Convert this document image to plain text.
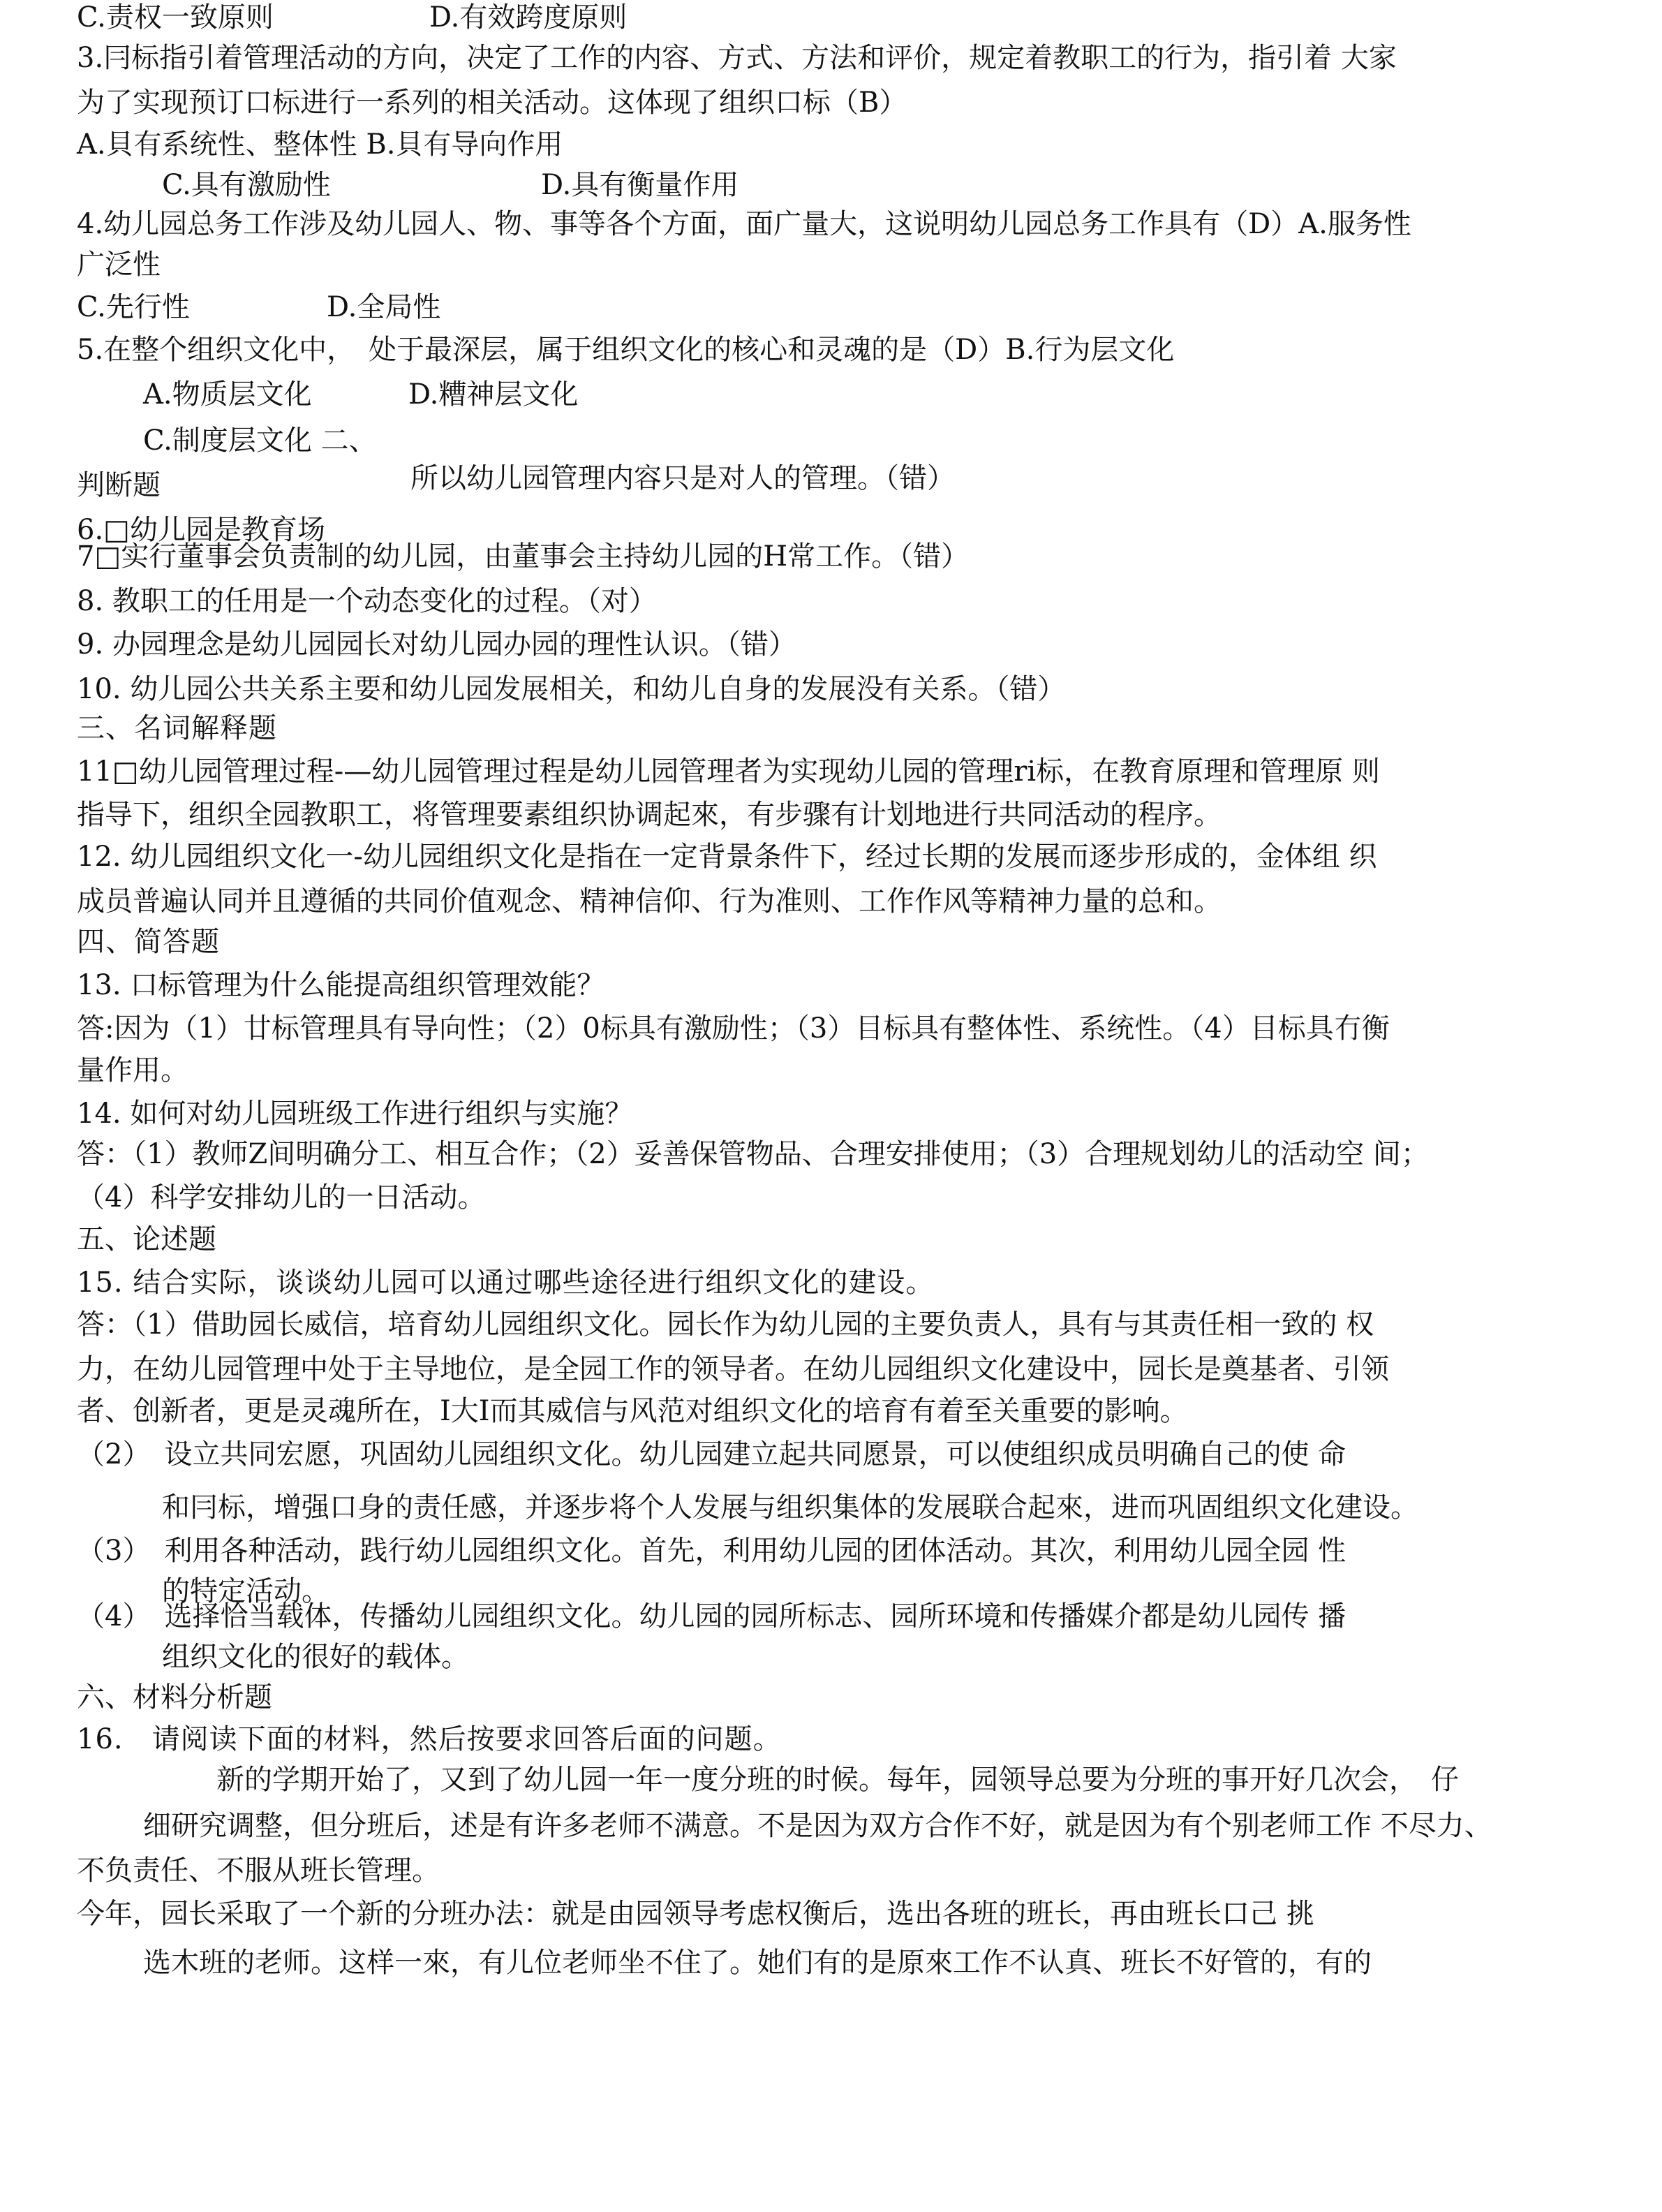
C.责权一致原则	D.有效跨度原则
3.冃标指引着管理活动的方向，决定了工作的内容、方式、方法和评价，规定着教职工的行为，指引着 大家
为了实现预订口标进行一系列的相关活动。这体现了组织口标（B）
A.貝有系统性、整体性 B.貝有导向作用
C.具有激励性	D.具有衡量作用
4.幼儿园总务工作涉及幼儿园人、物、事等各个方面，面广量大，这说明幼儿园总务工作具有（D）A.服务性
广泛性
C.先行性	D.全局性
5.在整个组织文化中，　处于最深层，属于组织文化的核心和灵魂的是（D）B.行为层文化
A.物质层文化	D.糟神层文化
C.制度层文化 二、
判断题	所以幼儿园管理内容只是对人的管理。（错）
6.□幼儿园是教育场
7□实行董事会负责制的幼儿园，由董事会主持幼儿园的H常工作。（错）
8. 教职工的任用是一个动态变化的过程。（对）
9. 办园理念是幼儿园园长对幼儿园办园的理性认识。（错）
10. 幼儿园公共关系主要和幼儿园发展相关，和幼儿自身的发展没有关系。（错）
三、名词解释题
11□幼儿园管理过程-—幼儿园管理过程是幼儿园管理者为实现幼儿园的管理ri标，在教育原理和管理原 则
指导下，组织全园教职工，将管理要素组织协调起來，有步骤有计划地进行共同活动的程序。
12. 幼儿园组织文化一-幼儿园组织文化是指在一定背景条件下，经过长期的发展而逐步形成的，金体组 织
成员普遍认同并且遵循的共同价值观念、精神信仰、行为准则、工作作风等精神力量的总和。
四、简答题
13. 口标管理为什么能提高组织管理效能？
答:因为（1）廿标管理具有导向性；（2）0标具有激励性；（3）目标具有整体性、系统性。（4）目标具冇衡
量作用。
14. 如何对幼儿园班级工作进行组织与实施？
答：（1）教师Z间明确分工、相互合作；（2）妥善保管物品、合理安排使用；（3）合理规划幼儿的活动空 间；
（4）科学安排幼儿的一日活动。
五、论述题
15. 结合实际，谈谈幼儿园可以通过哪些途径进行组织文化的建设。
答：（1）借助园长威信，培育幼儿园组织文化。园长作为幼儿园的主要负责人，具有与其责任相一致的 权
力，在幼儿园管理中处于主导地位，是全园工作的领导者。在幼儿园组织文化建设中，园长是奠基者、引领
者、创新者，更是灵魂所在，I大I而其威信与风范对组织文化的培育有着至关重要的影响。
（2）　设立共同宏愿，巩固幼儿园组织文化。幼儿园建立起共同愿景，可以使组织成员明确自己的使 命
和冃标，增强口身的责任感，并逐步将个人发展与组织集体的发展联合起來，进而巩固组织文化建设。
（3）　利用各种活动，践行幼儿园组织文化。首先，利用幼儿园的团体活动。其次，利用幼儿园全园 性
的特定活动。
（4）　选择恰当载体，传播幼儿园组织文化。幼儿园的园所标志、园所环境和传播媒介都是幼儿园传 播
组织文化的很好的载体。
六、材料分析题
16.　请阅读下面的材料，然后按要求回答后面的问题。
新的学期开始了，又到了幼儿园一年一度分班的时候。每年，园领导总要为分班的事开好几次会，　仔
细研究调整，但分班后，述是有许多老师不满意。不是因为双方合作不好，就是因为有个别老师工作 不尽力、
不负责任、不服从班长管理。
今年，园长采取了一个新的分班办法：就是由园领导考虑权衡后，选出各班的班长，再由班长口己 挑
选木班的老师。这样一來，有儿位老师坐不住了。她们有的是原來工作不认真、班长不好管的，有的
